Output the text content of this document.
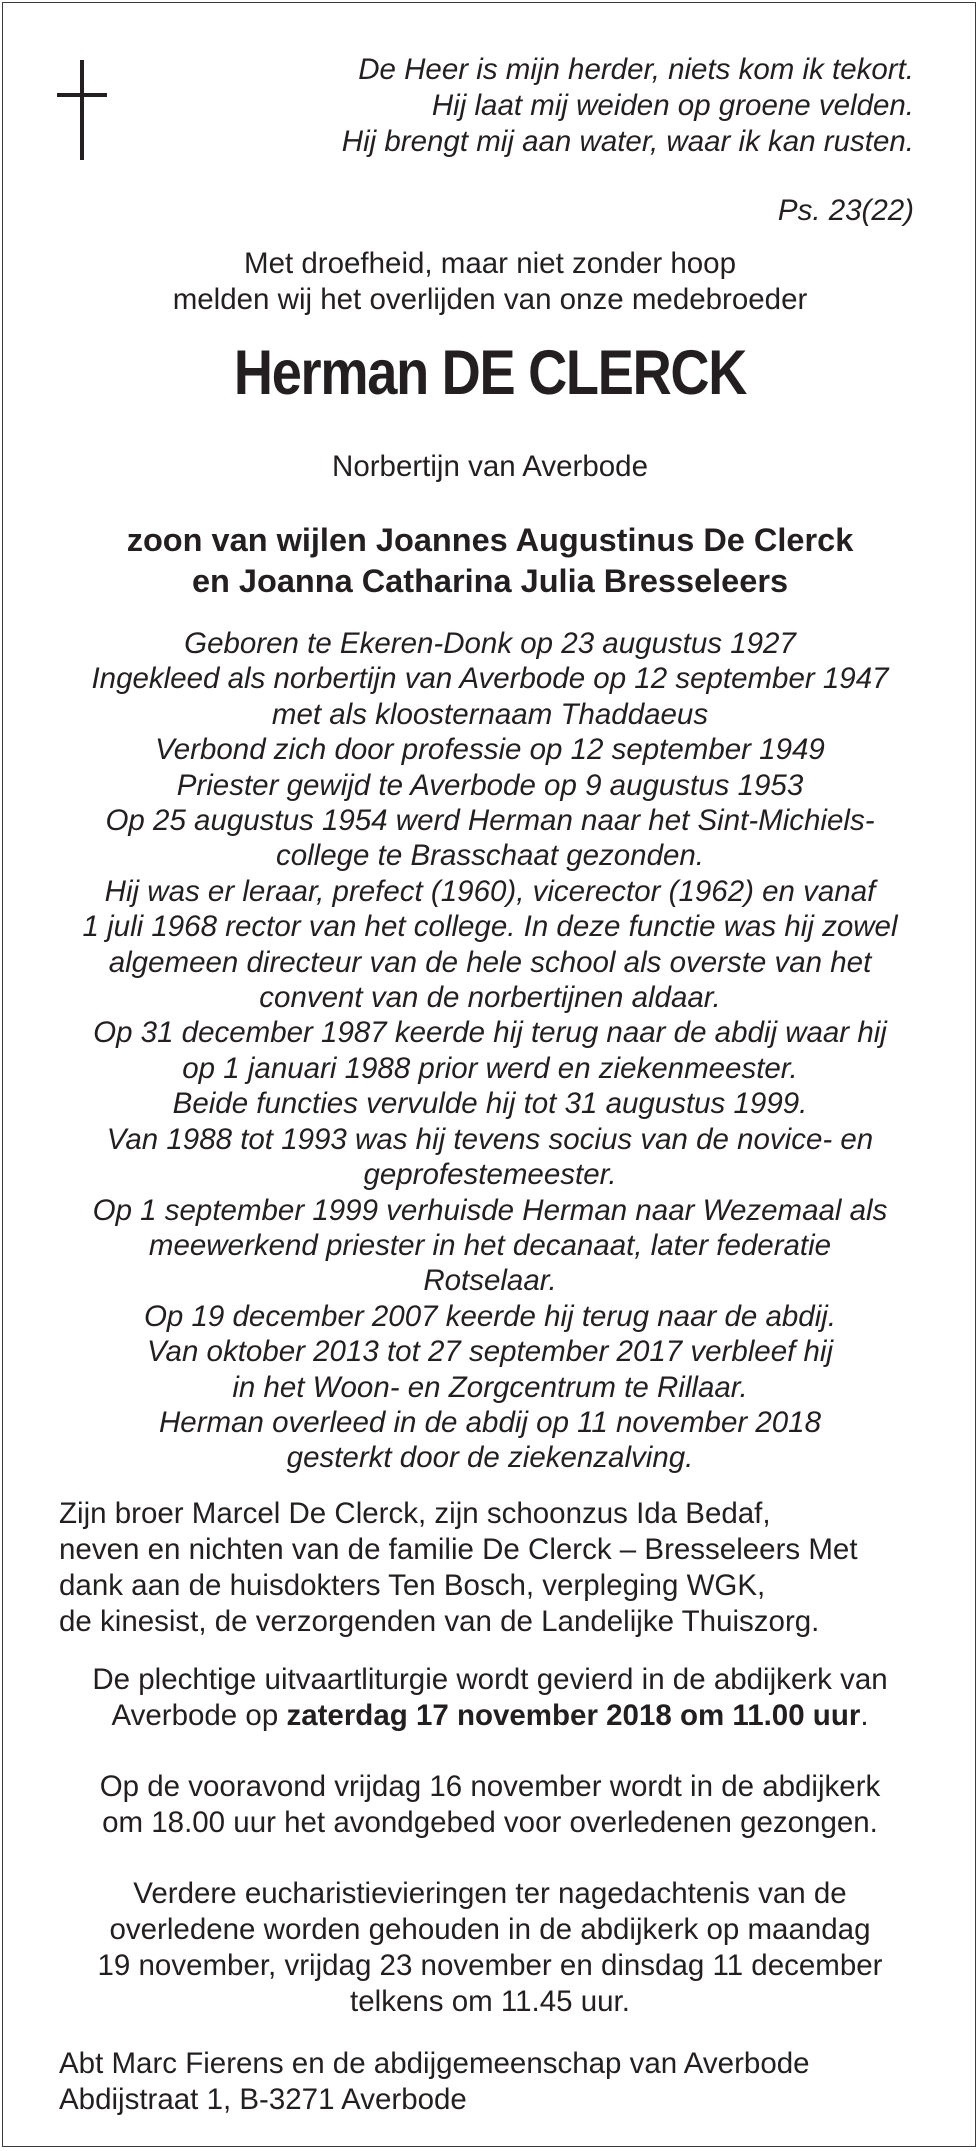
De Heer is mijn herder, niets kom ik tekort.
Hij laat mij weiden op groene velden.
Hij brengt mij aan water, waar ik kan rusten.
Ps. 23(22)
Met droefheid, maar niet zonder hoop
melden wij het overlijden van onze medebroeder
Herman DE CLERCK
Norbertijn van Averbode
zoon van wijlen Joannes Augustinus De Clerck
en Joanna Catharina Julia Bresseleers
Geboren te Ekeren-Donk op 23 augustus 1927
Ingekleed als norbertijn van Averbode op 12 september 1947
met als kloosternaam Thaddaeus
Verbond zich door professie op 12 september 1949
Priester gewijd te Averbode op 9 augustus 1953
Op 25 augustus 1954 werd Herman naar het Sint-Michiels-
college te Brasschaat gezonden.
Hij was er leraar, prefect (1960), vicerector (1962) en vanaf
1 juli 1968 rector van het college. In deze functie was hij zowel
algemeen directeur van de hele school als overste van het
convent van de norbertijnen aldaar.
Op 31 december 1987 keerde hij terug naar de abdij waar hij
op 1 januari 1988 prior werd en ziekenmeester.
Beide functies vervulde hij tot 31 augustus 1999.
Van 1988 tot 1993 was hij tevens socius van de novice- en
geprofestemeester.
Op 1 september 1999 verhuisde Herman naar Wezemaal als
meewerkend priester in het decanaat, later federatie
Rotselaar.
Op 19 december 2007 keerde hij terug naar de abdij.
Van oktober 2013 tot 27 september 2017 verbleef hij
in het Woon- en Zorgcentrum te Rillaar.
Herman overleed in de abdij op 11 november 2018
gesterkt door de ziekenzalving.
Zijn broer Marcel De Clerck, zijn schoonzus Ida Bedaf,
neven en nichten van de familie De Clerck – Bresseleers Met
dank aan de huisdokters Ten Bosch, verpleging WGK,
de kinesist, de verzorgenden van de Landelijke Thuiszorg.
De plechtige uitvaartliturgie wordt gevierd in de abdijkerk van
Averbode op zaterdag 17 november 2018 om 11.00 uur.
Op de vooravond vrijdag 16 november wordt in de abdijkerk
om 18.00 uur het avondgebed voor overledenen gezongen.
Verdere eucharistievieringen ter nagedachtenis van de
overledene worden gehouden in de abdijkerk op maandag
19 november, vrijdag 23 november en dinsdag 11 december
telkens om 11.45 uur.
Abt Marc Fierens en de abdijgemeenschap van Averbode
Abdijstraat 1, B-3271 Averbode
